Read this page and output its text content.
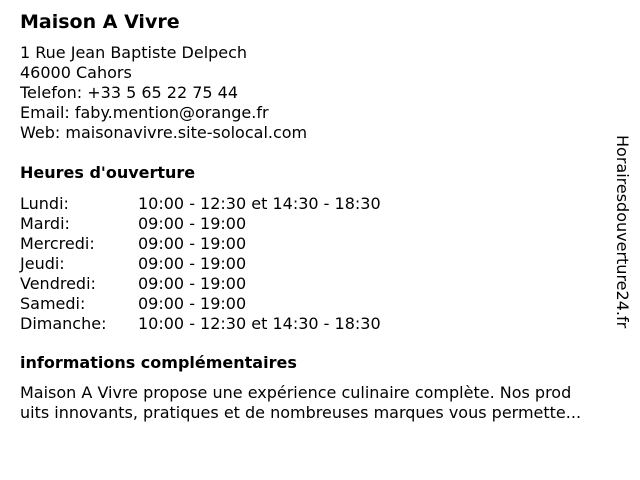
Maison A Vivre
1 Rue Jean Baptiste Delpech
46000 Cahors
Telefon: +33 5 65 22 75 44
Email: faby.mention@orange.fr
Web: maisonavivre.site-solocal.com
Heures d'ouverture
Lundi:	10:00 - 12:30 et 14:30 - 18:30
Mardi:	09:00 - 19:00
Mercredi:	09:00 - 19:00
Jeudi:	09:00 - 19:00
Vendredi:	09:00 - 19:00
Samedi:	09:00 - 19:00
Dimanche:	10:00 - 12:30 et 14:30 - 18:30
informations complémentaires
Maison A Vivre propose une expérience culinaire complète. Nos prod
uits innovants, pratiques et de nombreuses marques vous permette...
Horairesdouverture24.fr
